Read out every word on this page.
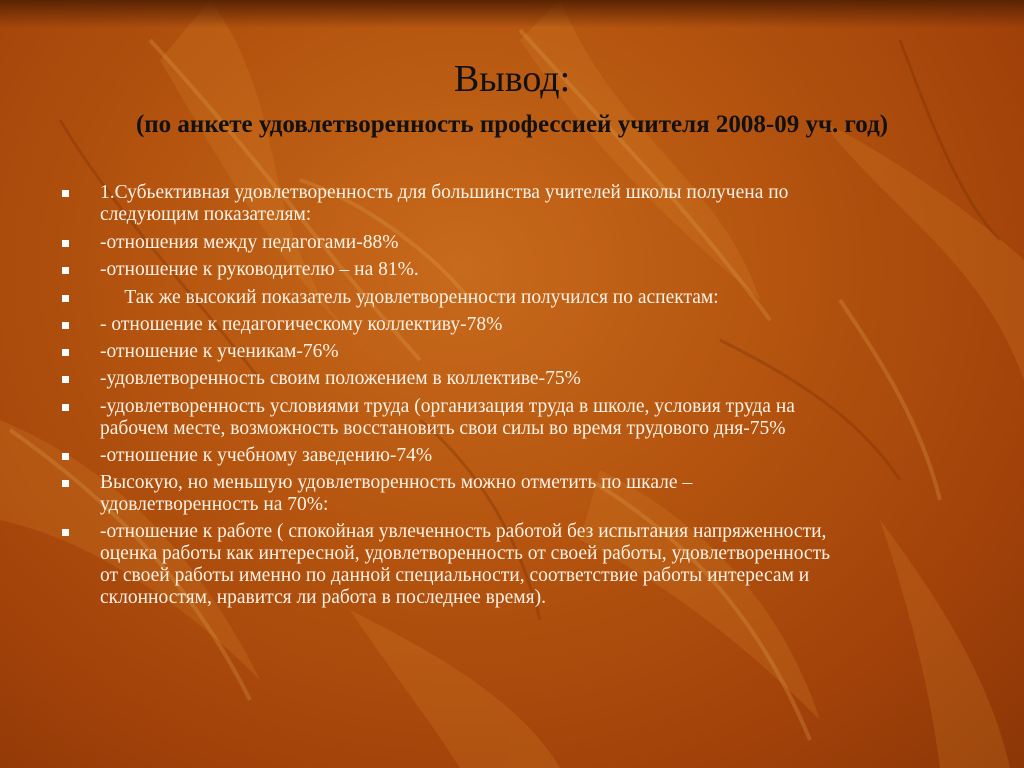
Вывод:
(по анкете удовлетворенность профессией учителя 2008-09 уч. год)
1.Субьективная удовлетворенность для большинства учителей школы получена по
следующим показателям:
-отношения между педагогами-88%
-отношение к руководителю – на 81%.
Так же высокий показатель удовлетворенности получился по аспектам:
- отношение к педагогическому коллективу-78%
-отношение к ученикам-76%
-удовлетворенность своим положением в коллективе-75%
-удовлетворенность условиями труда (организация труда в школе, условия труда на
рабочем месте, возможность восстановить свои силы во время трудового дня-75%
-отношение к учебному заведению-74%
Высокую, но меньшую удовлетворенность можно отметить по шкале –
удовлетворенность на 70%:
-отношение к работе ( спокойная увлеченность работой без испытания напряженности,
оценка работы как интересной, удовлетворенность от своей работы, удовлетворенность
от своей работы именно по данной специальности, соответствие работы интересам и
склонностям, нравится ли работа в последнее время).
